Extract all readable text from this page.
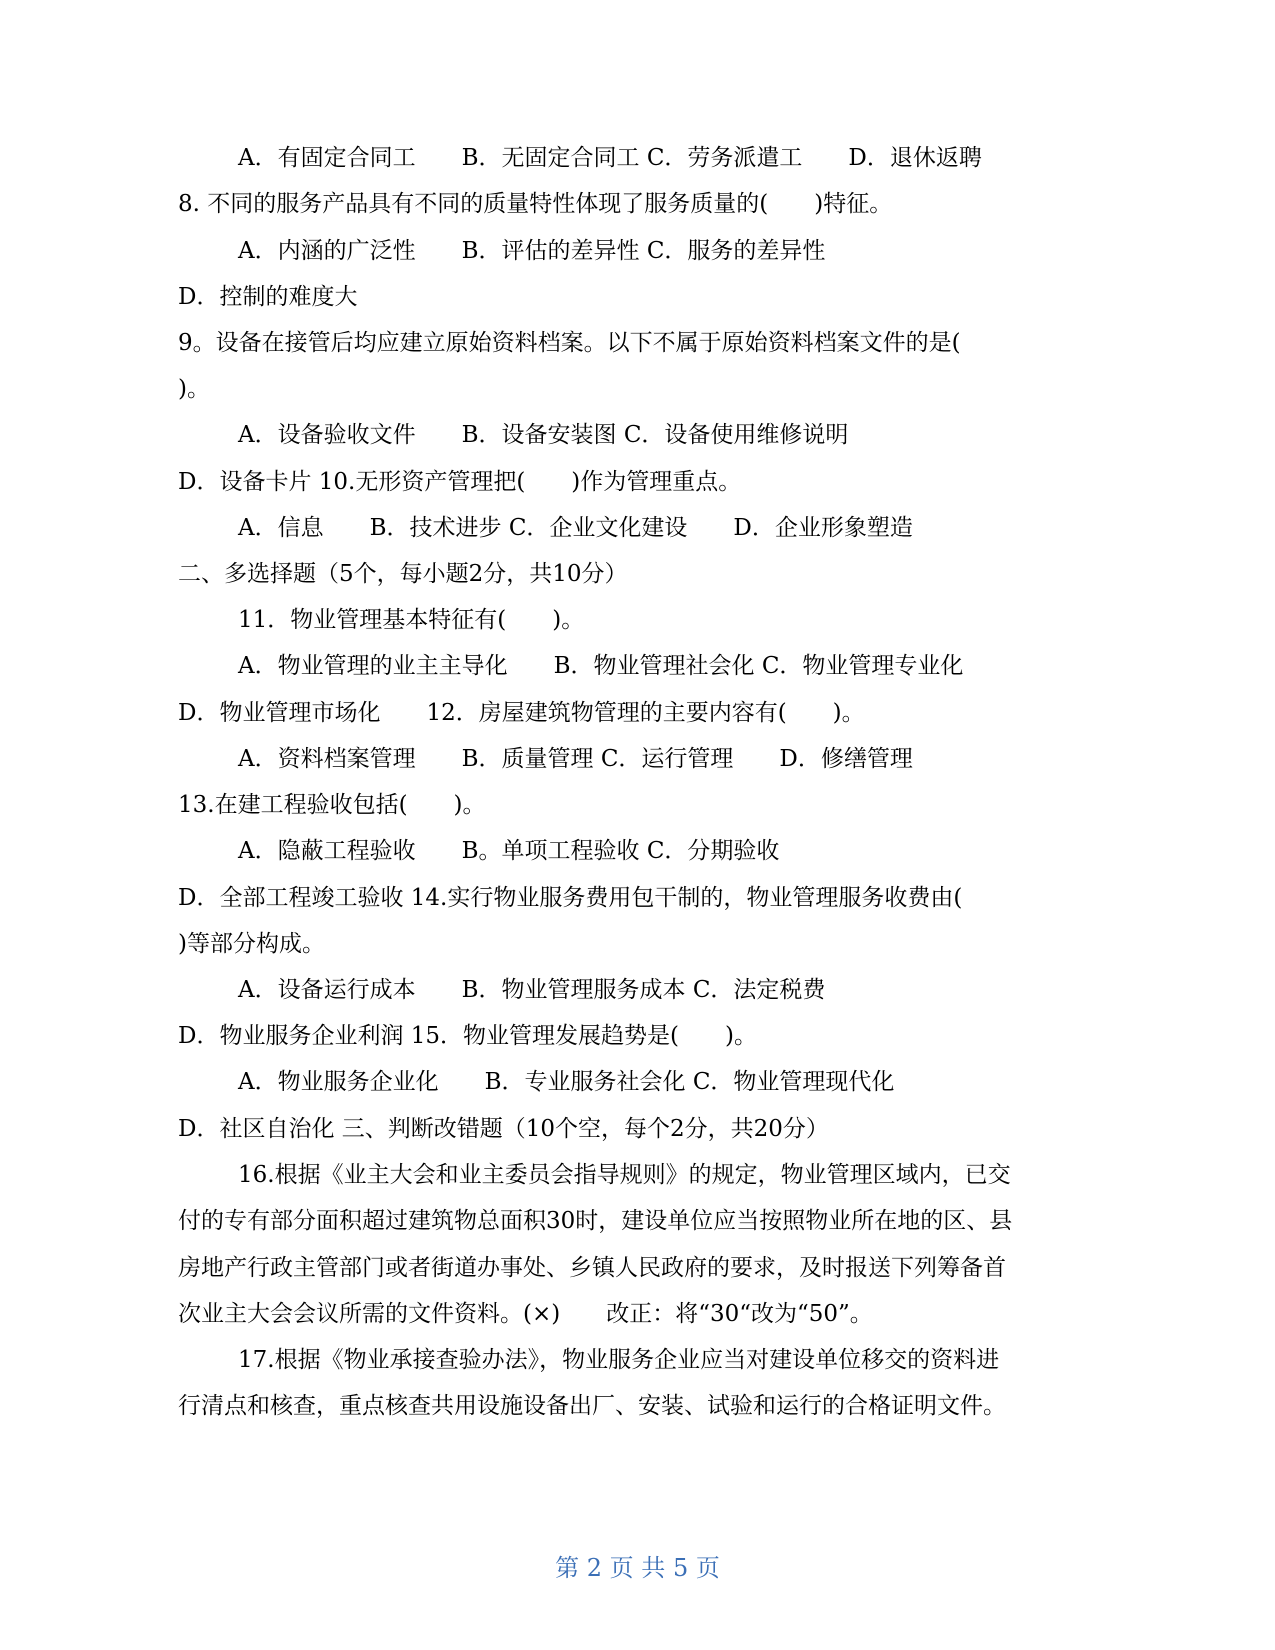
A．有固定合同工　　B．无固定合同工 C．劳务派遣工　　D．退休返聘
8. 不同的服务产品具有不同的质量特性体现了服务质量的(　　)特征。
A．内涵的广泛性　　B．评估的差异性 C．服务的差异性
D．控制的难度大
9。设备在接管后均应建立原始资料档案。以下不属于原始资料档案文件的是(
)。
A．设备验收文件　　B．设备安装图 C．设备使用维修说明
D．设备卡片 10.无形资产管理把(　　)作为管理重点。
A．信息　　B．技术进步 C．企业文化建设　　D．企业形象塑造
二、多选择题（5个，每小题2分，共10分）
11．物业管理基本特征有(　　)。
A．物业管理的业主主导化　　B．物业管理社会化 C．物业管理专业化
D．物业管理市场化　　12．房屋建筑物管理的主要内容有(　　)。
A．资料档案管理　　B．质量管理 C．运行管理　　D．修缮管理
13.在建工程验收包括(　　)。
A．隐蔽工程验收　　B。单项工程验收 C．分期验收
D．全部工程竣工验收 14.实行物业服务费用包干制的，物业管理服务收费由(
)等部分构成。
A．设备运行成本　　B．物业管理服务成本 C．法定税费
D．物业服务企业利润 15．物业管理发展趋势是(　　)。
A．物业服务企业化　　B．专业服务社会化 C．物业管理现代化
D．社区自治化 三、判断改错题（10个空，每个2分，共20分）
16.根据《业主大会和业主委员会指导规则》的规定，物业管理区域内，已交
付的专有部分面积超过建筑物总面积30时，建设单位应当按照物业所在地的区、县
房地产行政主管部门或者街道办事处、乡镇人民政府的要求，及时报送下列筹备首
次业主大会会议所需的文件资料。(×)　　改正：将“30“改为“50”。
17.根据《物业承接查验办法》，物业服务企业应当对建设单位移交的资料进
行清点和核查，重点核查共用设施设备出厂、安装、试验和运行的合格证明文件。
第 2 页 共 5 页
